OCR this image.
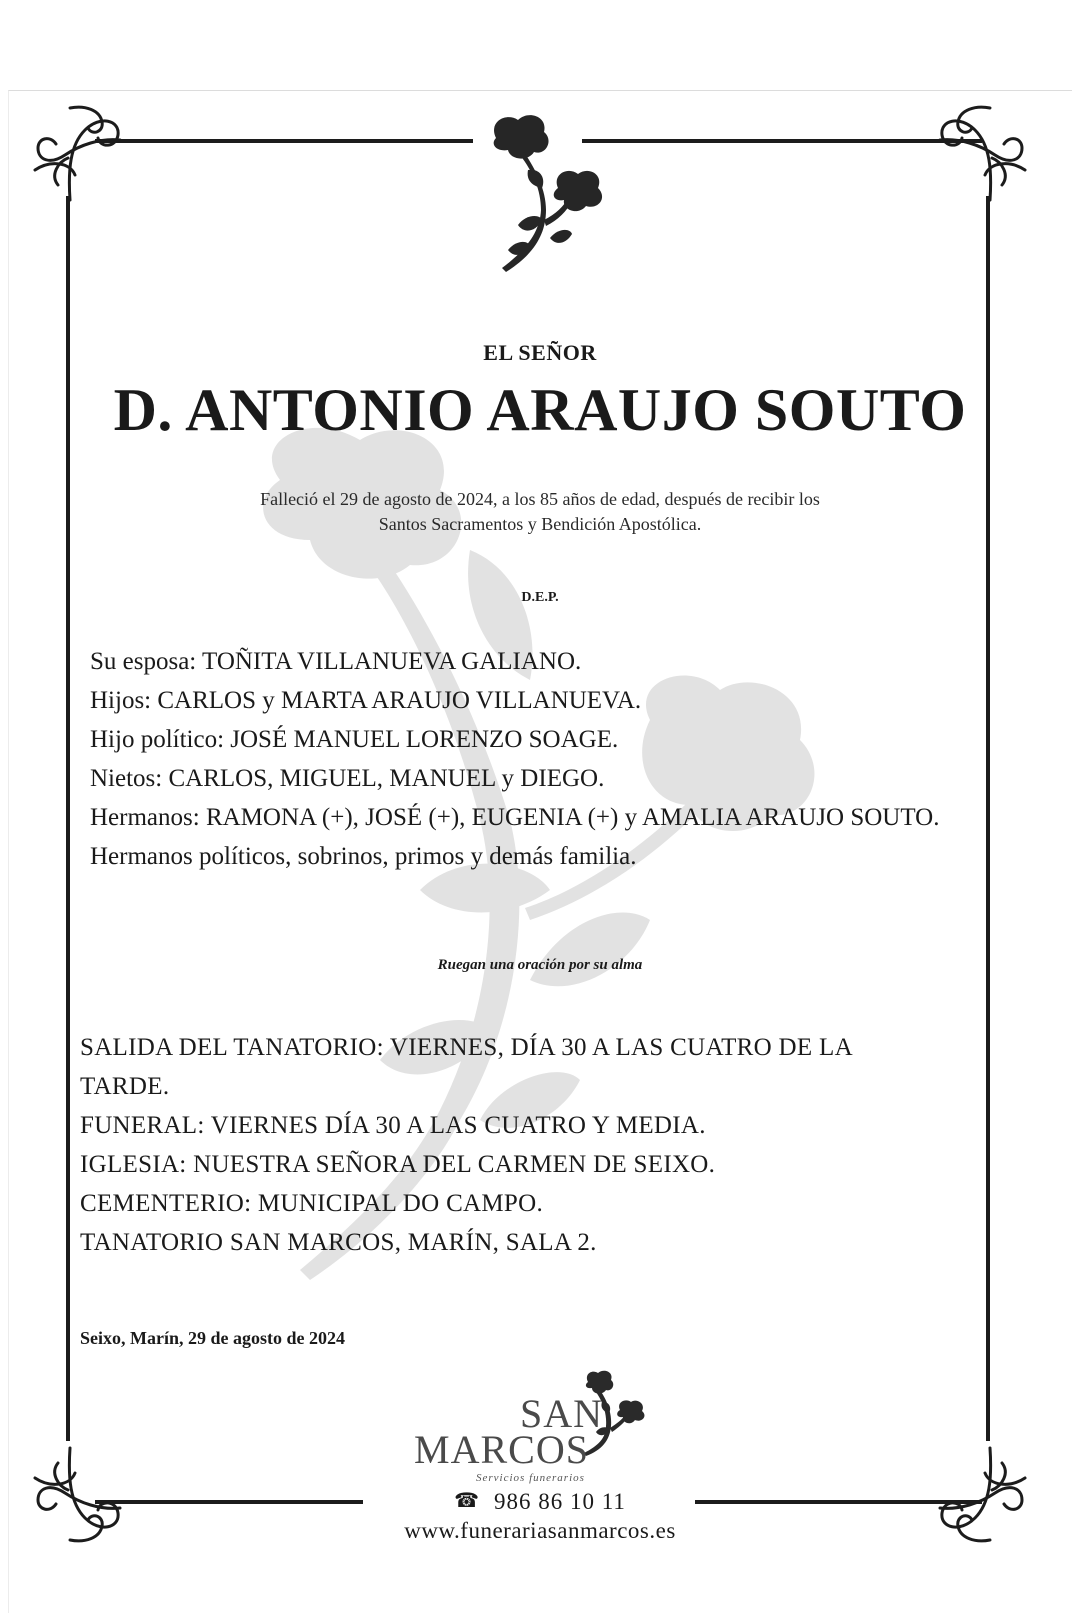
EL SEÑOR
D. ANTONIO ARAUJO SOUTO
Falleció el 29 de agosto de 2024, a los 85 años de edad, después de recibir los
Santos Sacramentos y Bendición Apostólica.
D.E.P.
Su esposa: TOÑITA VILLANUEVA GALIANO.
Hijos: CARLOS y MARTA ARAUJO VILLANUEVA.
Hijo político: JOSÉ MANUEL LORENZO SOAGE.
Nietos: CARLOS, MIGUEL, MANUEL y DIEGO.
Hermanos: RAMONA (+), JOSÉ (+), EUGENIA (+) y AMALIA ARAUJO SOUTO.
Hermanos políticos, sobrinos, primos y demás familia.
Ruegan una oración por su alma
SALIDA DEL TANATORIO: VIERNES, DÍA 30 A LAS CUATRO DE LA TARDE.
FUNERAL: VIERNES DÍA 30 A LAS CUATRO Y MEDIA.
IGLESIA: NUESTRA SEÑORA DEL CARMEN DE SEIXO.
CEMENTERIO: MUNICIPAL DO CAMPO.
TANATORIO SAN MARCOS, MARÍN, SALA 2.
Seixo, Marín, 29 de agosto de 2024
SAN
MARCOS
Servicios funerarios
☎ 986 86 10 11
www.funerariasanmarcos.es
